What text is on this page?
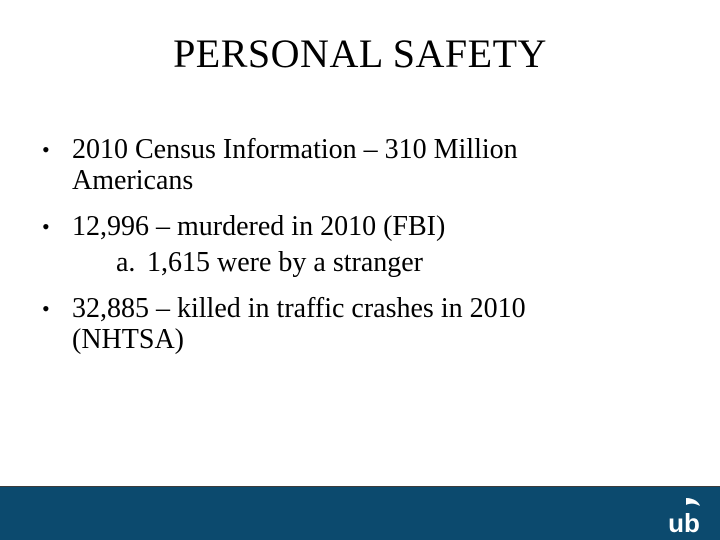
PERSONAL SAFETY
• 2010 Census Information – 310 Million Americans
• 12,996 – murdered in 2010 (FBI)
a. 1,615 were by a stranger
• 32,885 – killed in traffic crashes in 2010 (NHTSA)
ub
